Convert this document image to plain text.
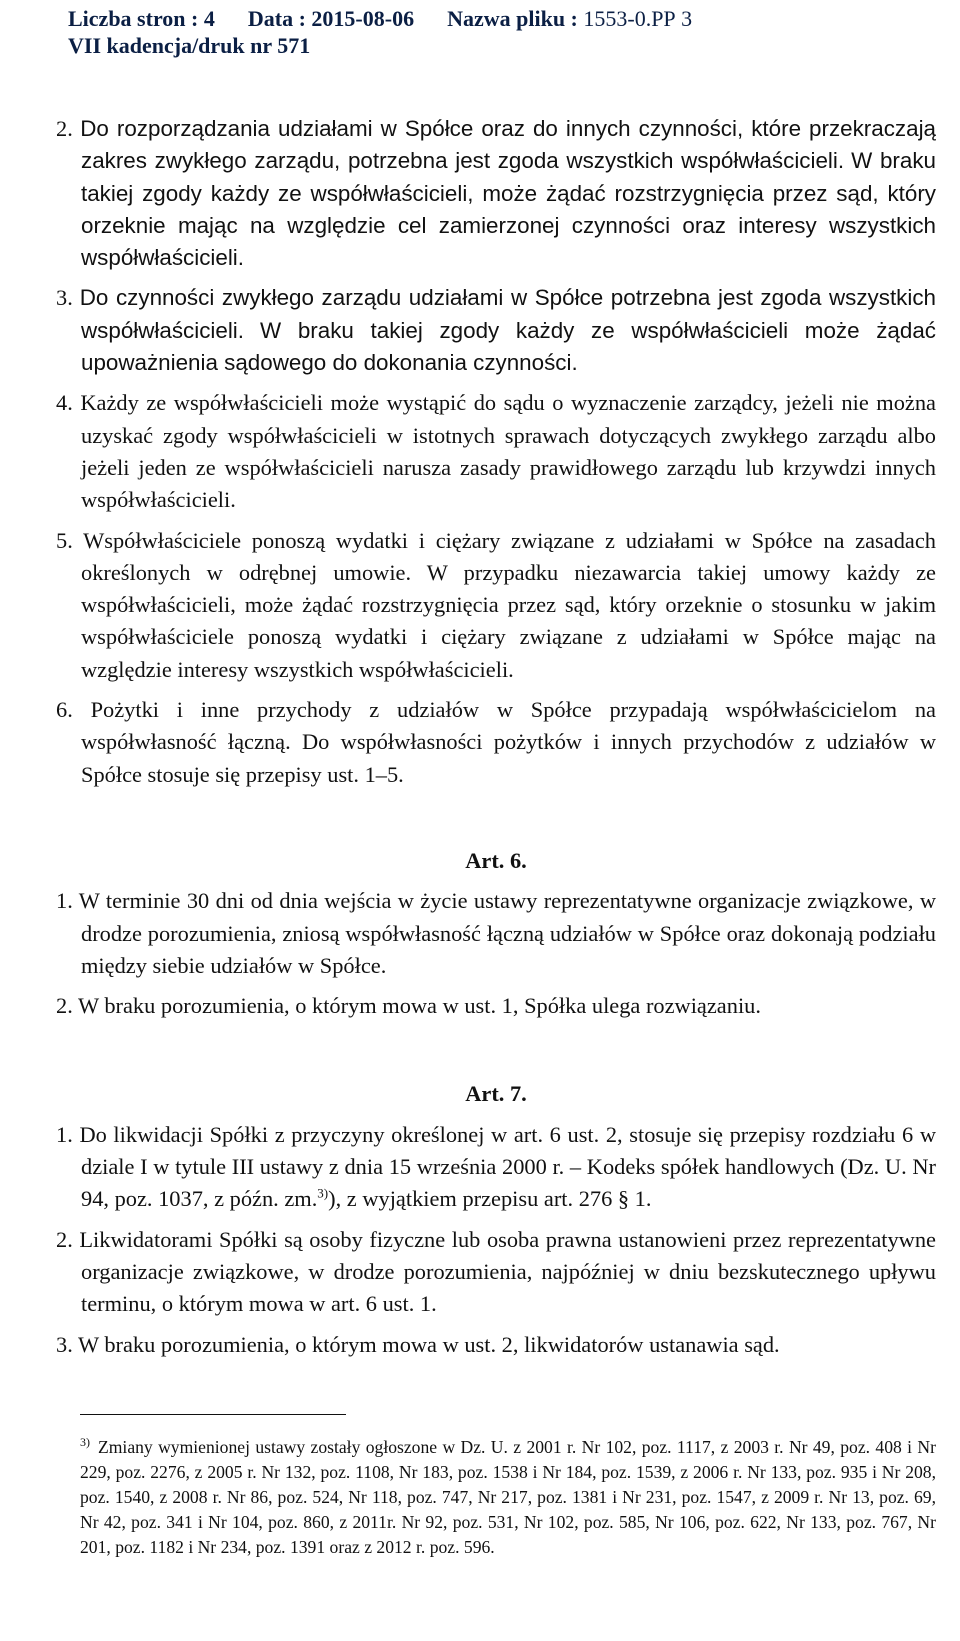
Liczba stron : 4 Data : 2015-08-06 Nazwa pliku : 1553-0.PP 3
VII kadencja/druk nr 571

2. Do rozporządzania udziałami w Spółce oraz do innych czynności, które przekraczają zakres zwykłego zarządu, potrzebna jest zgoda wszystkich współwłaścicieli. W braku takiej zgody każdy ze współwłaścicieli, może żądać rozstrzygnięcia przez sąd, który orzeknie mając na względzie cel zamierzonej czynności oraz interesy wszystkich współwłaścicieli.

3. Do czynności zwykłego zarządu udziałami w Spółce potrzebna jest zgoda wszystkich współwłaścicieli. W braku takiej zgody każdy ze współwłaścicieli może żądać upoważnienia sądowego do dokonania czynności.

4. Każdy ze współwłaścicieli może wystąpić do sądu o wyznaczenie zarządcy, jeżeli nie można uzyskać zgody współwłaścicieli w istotnych sprawach dotyczących zwykłego zarządu albo jeżeli jeden ze współwłaścicieli narusza zasady prawidłowego zarządu lub krzywdzi innych współwłaścicieli.

5. Współwłaściciele ponoszą wydatki i ciężary związane z udziałami w Spółce na zasadach określonych w odrębnej umowie. W przypadku niezawarcia takiej umowy każdy ze współwłaścicieli, może żądać rozstrzygnięcia przez sąd, który orzeknie o stosunku w jakim współwłaściciele ponoszą wydatki i ciężary związane z udziałami w Spółce mając na względzie interesy wszystkich współwłaścicieli.

6. Pożytki i inne przychody z udziałów w Spółce przypadają współwłaścicielom na współwłasność łączną. Do współwłasności pożytków i innych przychodów z udziałów w Spółce stosuje się przepisy ust. 1–5.

Art. 6.

1. W terminie 30 dni od dnia wejścia w życie ustawy reprezentatywne organizacje związkowe, w drodze porozumienia, zniosą współwłasność łączną udziałów w Spółce oraz dokonają podziału między siebie udziałów w Spółce.

2. W braku porozumienia, o którym mowa w ust. 1, Spółka ulega rozwiązaniu.

Art. 7.

1. Do likwidacji Spółki z przyczyny określonej w art. 6 ust. 2, stosuje się przepisy rozdziału 6 w dziale I w tytule III ustawy z dnia 15 września 2000 r. – Kodeks spółek handlowych (Dz. U. Nr 94, poz. 1037, z późn. zm.$^{3)}$), z wyjątkiem przepisu art. 276 § 1.

2. Likwidatorami Spółki są osoby fizyczne lub osoba prawna ustanowieni przez reprezentatywne organizacje związkowe, w drodze porozumienia, najpóźniej w dniu bezskutecznego upływu terminu, o którym mowa w art. 6 ust. 1.

3. W braku porozumienia, o którym mowa w ust. 2, likwidatorów ustanawia sąd.

$^{3)}$ Zmiany wymienionej ustawy zostały ogłoszone w Dz. U. z 2001 r. Nr 102, poz. 1117, z 2003 r. Nr 49, poz. 408 i Nr 229, poz. 2276, z 2005 r. Nr 132, poz. 1108, Nr 183, poz. 1538 i Nr 184, poz. 1539, z 2006 r. Nr 133, poz. 935 i Nr 208, poz. 1540, z 2008 r. Nr 86, poz. 524, Nr 118, poz. 747, Nr 217, poz. 1381 i Nr 231, poz. 1547, z 2009 r. Nr 13, poz. 69, Nr 42, poz. 341 i Nr 104, poz. 860, z 2011r. Nr 92, poz. 531, Nr 102, poz. 585, Nr 106, poz. 622, Nr 133, poz. 767, Nr 201, poz. 1182 i Nr 234, poz. 1391 oraz z 2012 r. poz. 596.
